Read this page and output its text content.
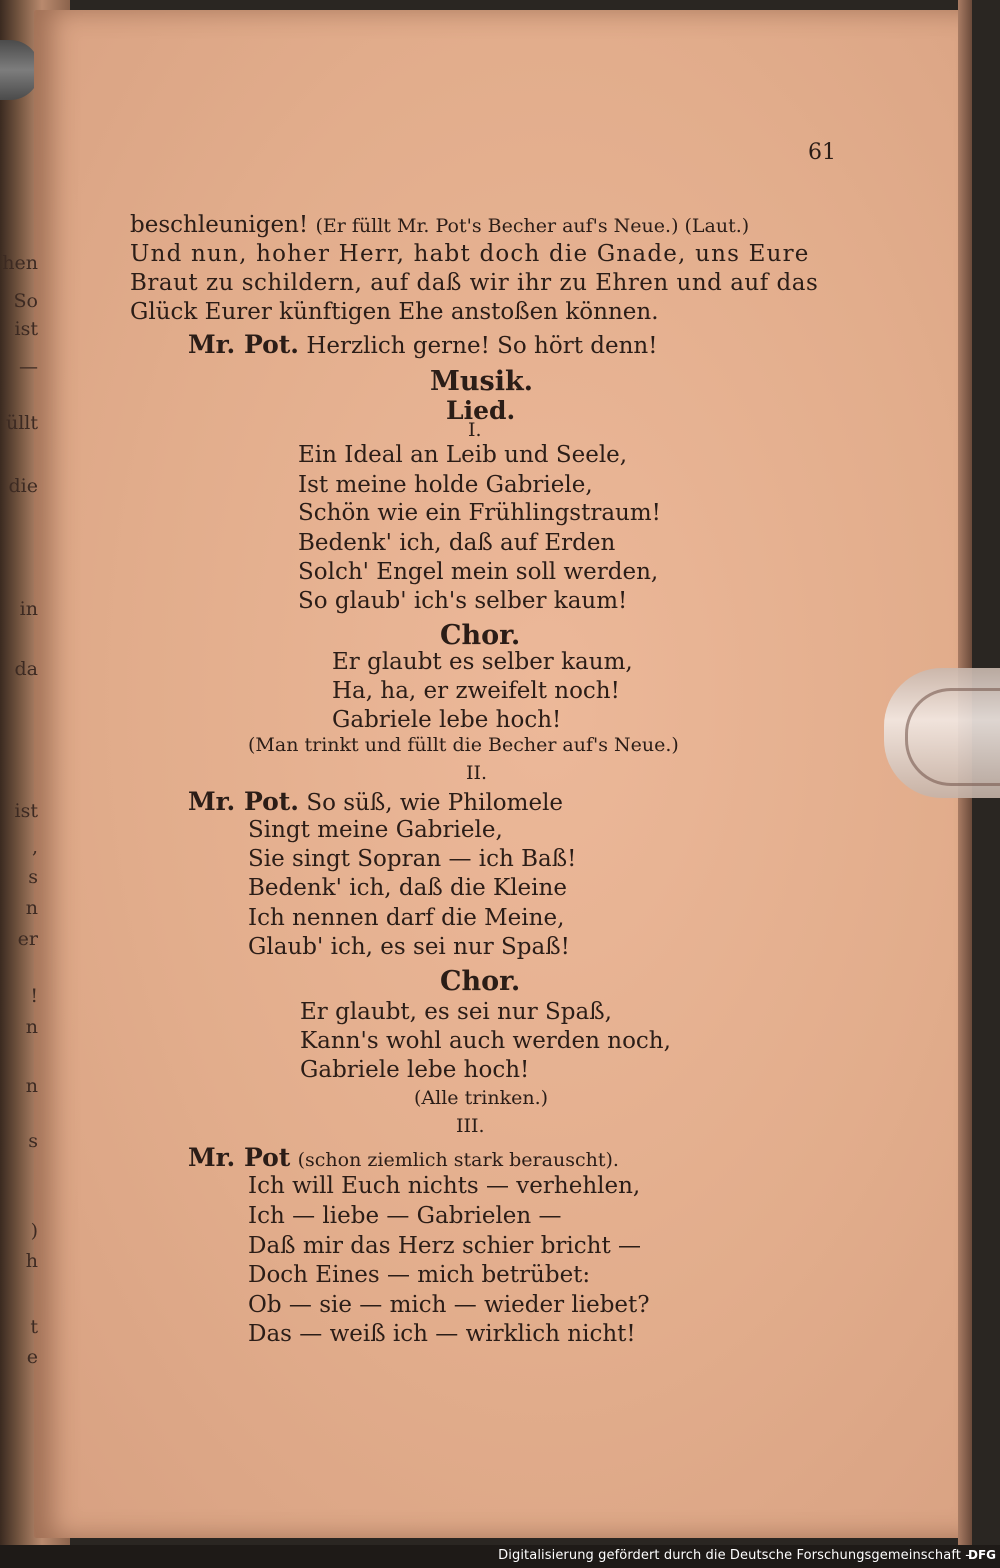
hen
So
ist
—
üllt
die
in
da
ist
,
s
n
er
!
n
n
s
)
h
t
e
61
beschleunigen! (Er füllt Mr. Pot's Becher auf's Neue.) (Laut.)
Und nun, hoher Herr, habt doch die Gnade, uns Eure
Braut zu schildern, auf daß wir ihr zu Ehren und auf das
Glück Eurer künftigen Ehe anstoßen können.
Mr. Pot. Herzlich gerne! So hört denn!
Musik.
Lied.
I.
Ein Ideal an Leib und Seele,
Ist meine holde Gabriele,
Schön wie ein Frühlingstraum!
Bedenk' ich, daß auf Erden
Solch' Engel mein soll werden,
So glaub' ich's selber kaum!
Chor.
Er glaubt es selber kaum,
Ha, ha, er zweifelt noch!
Gabriele lebe hoch!
(Man trinkt und füllt die Becher auf's Neue.)
II.
Mr. Pot. So süß, wie Philomele
Singt meine Gabriele,
Sie singt Sopran — ich Baß!
Bedenk' ich, daß die Kleine
Ich nennen darf die Meine,
Glaub' ich, es sei nur Spaß!
Chor.
Er glaubt, es sei nur Spaß,
Kann's wohl auch werden noch,
Gabriele lebe hoch!
(Alle trinken.)
III.
Mr. Pot (schon ziemlich stark berauscht).
Ich will Euch nichts — verhehlen,
Ich — liebe — Gabrielen —
Daß mir das Herz schier bricht —
Doch Eines — mich betrübet:
Ob — sie — mich — wieder liebet?
Das — weiß ich — wirklich nicht!
Digitalisierung gefördert durch die Deutsche Forschungsgemeinschaft -
DFG
